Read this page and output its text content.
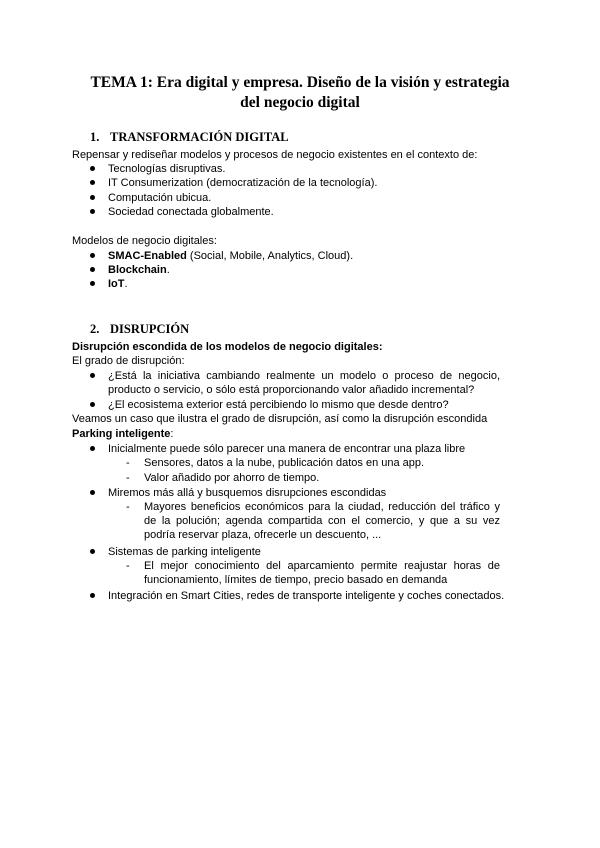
TEMA 1: Era digital y empresa. Diseño de la visión y estrategia del negocio digital
1. TRANSFORMACIÓN DIGITAL

Repensar y rediseñar modelos y procesos de negocio existentes en el contexto de:

Tecnologías disruptivas.
IT Consumerization (democratización de la tecnología).
Computación ubicua.
Sociedad conectada globalmente.

Modelos de negocio digitales:

SMAC-Enabled (Social, Mobile, Analytics, Cloud).
Blockchain.
IoT.
2. DISRUPCIÓN

Disrupción escondida de los modelos de negocio digitales:

El grado de disrupción:

¿Está la iniciativa cambiando realmente un modelo o proceso de negocio, producto o servicio, o sólo está proporcionando valor añadido incremental?
¿El ecosistema exterior está percibiendo lo mismo que desde dentro?

Veamos un caso que ilustra el grado de disrupción, así como la disrupción escondida

Parking inteligente:

Inicialmente puede sólo parecer una manera de encontrar una plaza libre
- Sensores, datos a la nube, publicación datos en una app.
- Valor añadido por ahorro de tiempo.
Miremos más allá y busquemos disrupciones escondidas
- Mayores beneficios económicos para la ciudad, reducción del tráfico y de la polución; agenda compartida con el comercio, y que a su vez podría reservar plaza, ofrecerle un descuento, ...
Sistemas de parking inteligente
- El mejor conocimiento del aparcamiento permite reajustar horas de funcionamiento, límites de tiempo, precio basado en demanda
Integración en Smart Cities, redes de transporte inteligente y coches conectados.
